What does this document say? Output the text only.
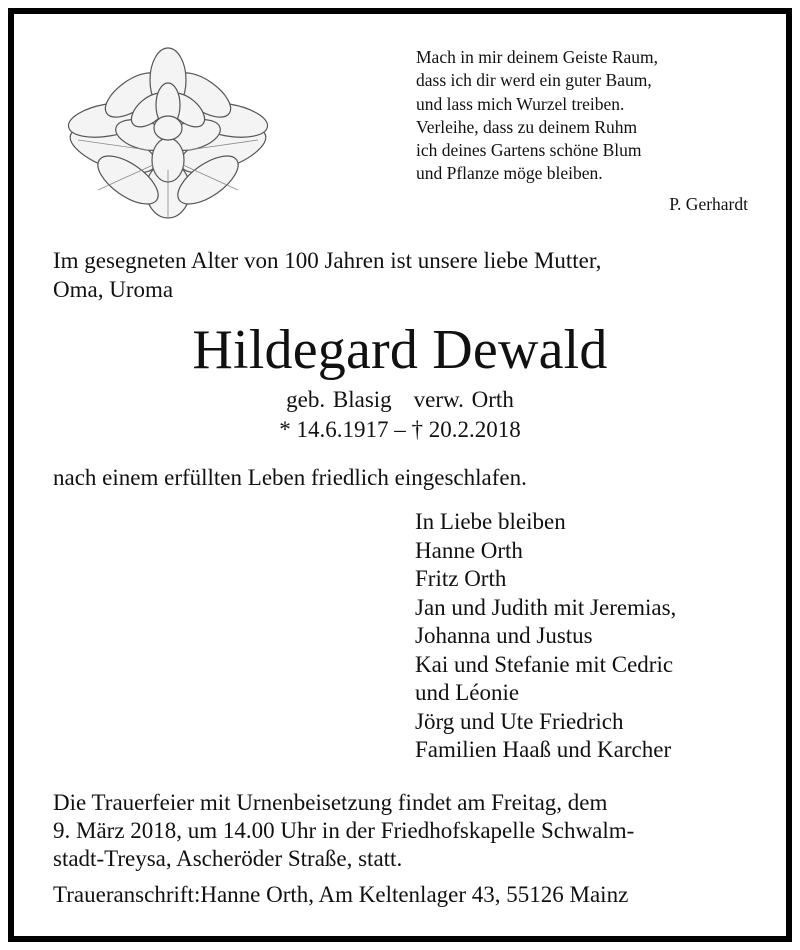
Mach in mir deinem Geiste Raum,
dass ich dir werd ein guter Baum,
und lass mich Wurzel treiben.
Verleihe, dass zu deinem Ruhm
ich deines Gartens schöne Blum
und Pflanze möge bleiben.
P. Gerhardt
Im gesegneten Alter von 100 Jahren ist unsere liebe Mutter,
Oma, Uroma
Hildegard Dewald
geb. Blasig verw. Orth
* 14.6.1917 – † 20.2.2018
nach einem erfüllten Leben friedlich eingeschlafen.
In Liebe bleiben
Hanne Orth
Fritz Orth
Jan und Judith mit Jeremias,
Johanna und Justus
Kai und Stefanie mit Cedric
und Léonie
Jörg und Ute Friedrich
Familien Haaß und Karcher
Die Trauerfeier mit Urnenbeisetzung findet am Freitag, dem
9. März 2018, um 14.00 Uhr in der Friedhofskapelle Schwalm-
stadt-Treysa, Ascheröder Straße, statt.
Traueranschrift:Hanne Orth, Am Keltenlager 43, 55126 Mainz
